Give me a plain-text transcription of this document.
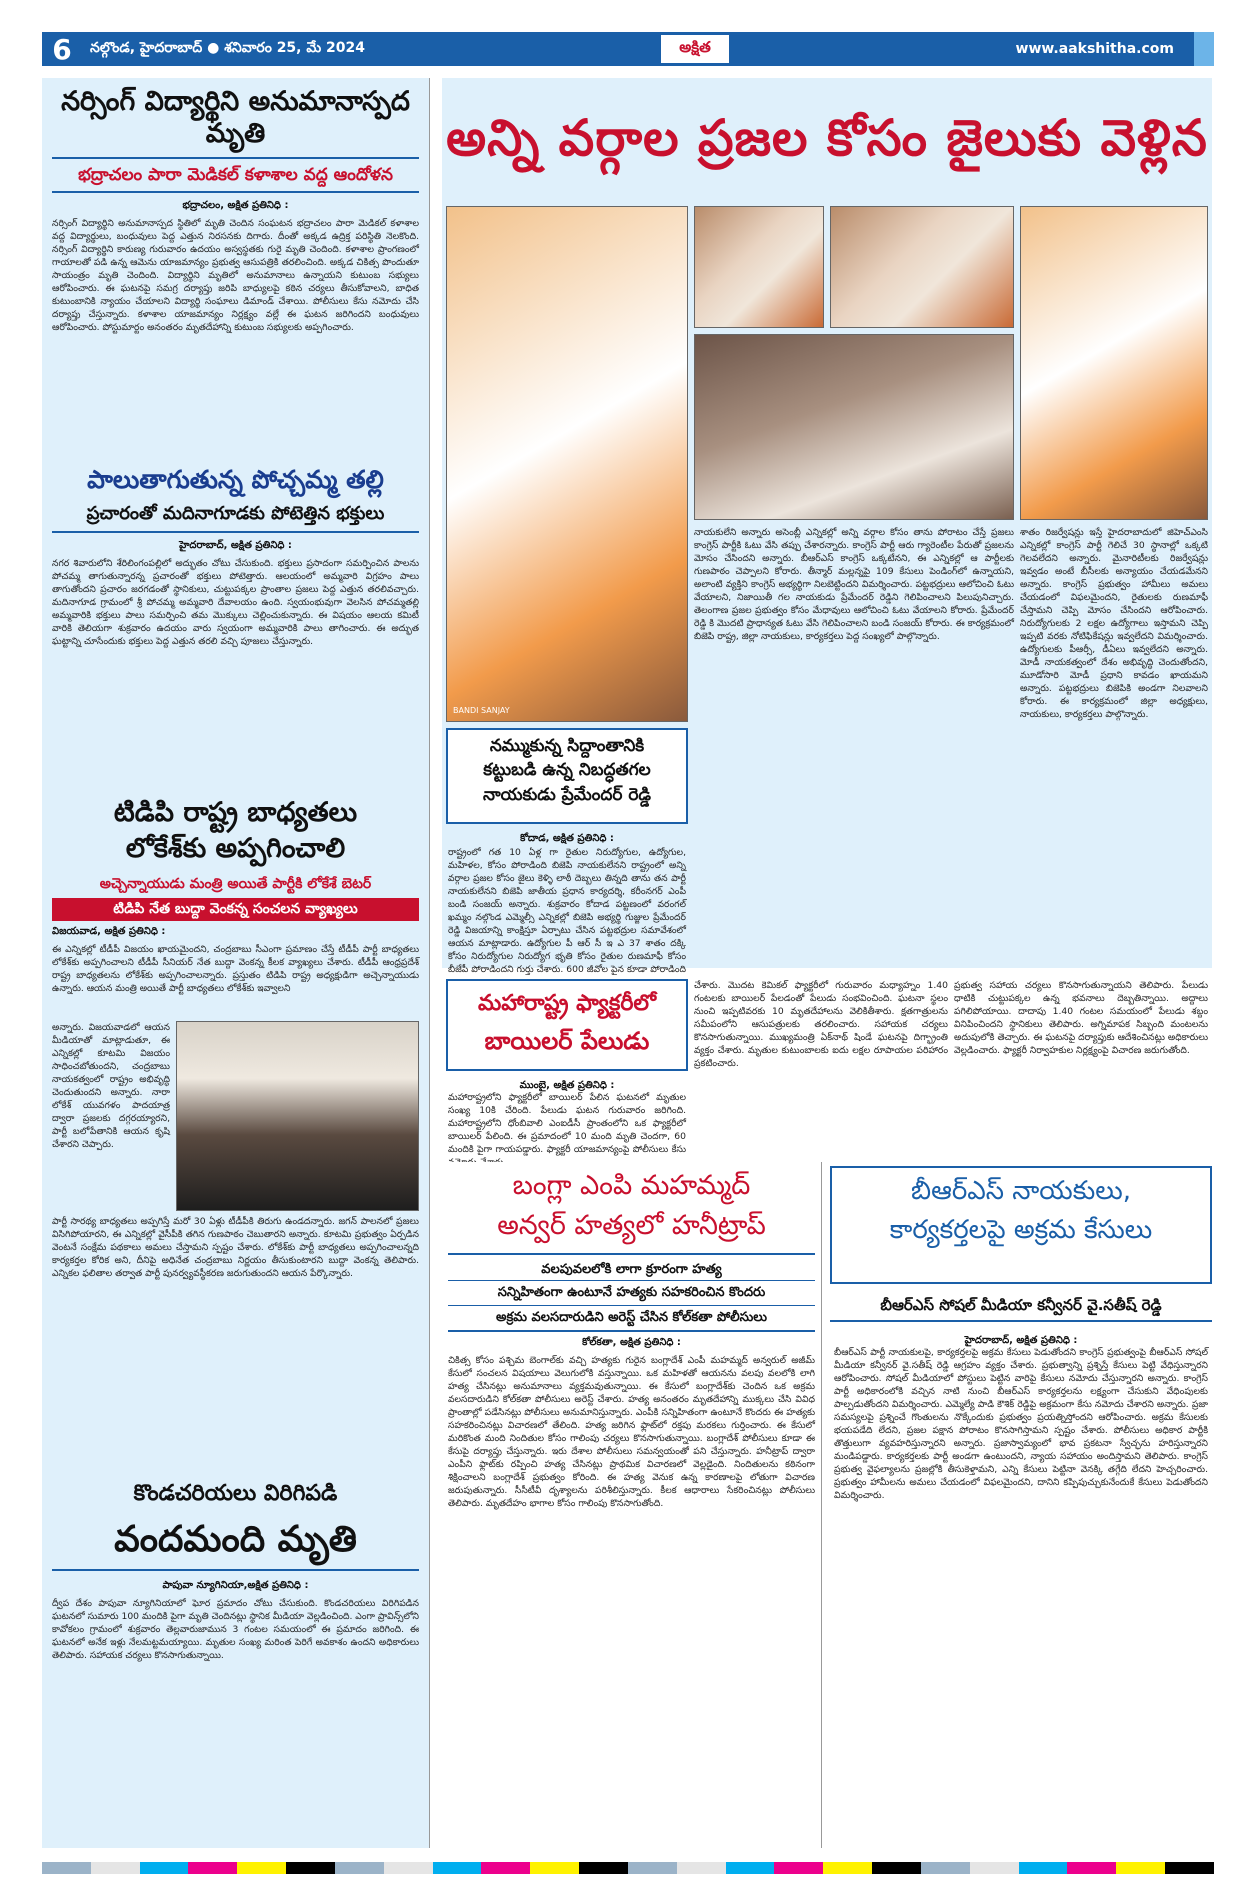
6	నల్గొండ, హైదరాబాద్ ● శనివారం 25, మే 2024	అక్షిత	www.aakshitha.com
నర్సింగ్ విద్యార్థిని అనుమానాస్పద మృతి
భద్రాచలం పారా మెడికల్ కళాశాల వద్ద ఆందోళన
భద్రాచలం, అక్షిత ప్రతినిధి :
నర్సింగ్ విద్యార్థిని అనుమానాస్పద స్థితిలో మృతి చెందిన సంఘటన భద్రాచలం పారా మెడికల్ కళాశాల వద్ద విద్యార్థులు, బంధువులు పెద్ద ఎత్తున నిరసనకు దిగారు. దీంతో అక్కడ ఉద్రిక్త పరిస్థితి నెలకొంది. నర్సింగ్ విద్యార్థిని కారుణ్య గురువారం ఉదయం అస్వస్థతకు గురై మృతి చెందింది. కళాశాల ప్రాంగణంలో గాయాలతో పడి ఉన్న ఆమెను యాజమాన్యం ప్రభుత్వ ఆసుపత్రికి తరలించింది. అక్కడ చికిత్స పొందుతూ సాయంత్రం మృతి చెందింది. విద్యార్థిని మృతిలో అనుమానాలు ఉన్నాయని కుటుంబ సభ్యులు ఆరోపించారు. ఈ ఘటనపై సమగ్ర దర్యాప్తు జరిపి బాధ్యులపై కఠిన చర్యలు తీసుకోవాలని, బాధిత కుటుంబానికి న్యాయం చేయాలని విద్యార్థి సంఘాలు డిమాండ్ చేశాయి. పోలీసులు కేసు నమోదు చేసి దర్యాప్తు చేస్తున్నారు. కళాశాల యాజమాన్యం నిర్లక్ష్యం వల్లే ఈ ఘటన జరిగిందని బంధువులు ఆరోపించారు. పోస్టుమార్టం అనంతరం మృతదేహాన్ని కుటుంబ సభ్యులకు అప్పగించారు.
పాలుతాగుతున్న పోచ్చమ్మ తల్లి
ప్రచారంతో మదినాగూడకు పోటెత్తిన భక్తులు
హైదరాబాద్, అక్షిత ప్రతినిధి :
నగర శివారులోని శేరిలింగంపల్లిలో అద్భుతం చోటు చేసుకుంది. భక్తులు ప్రసాదంగా సమర్పించిన పాలను పోచమ్మ తాగుతున్నారన్న ప్రచారంతో భక్తులు పోటెత్తారు. ఆలయంలో అమ్మవారి విగ్రహం పాలు తాగుతోందని ప్రచారం జరగడంతో స్థానికులు, చుట్టుపక్కల ప్రాంతాల ప్రజలు పెద్ద ఎత్తున తరలివచ్చారు. మదినాగూడ గ్రామంలో శ్రీ పోచమ్మ అమ్మవారి దేవాలయం ఉంది. స్వయంభువుగా వెలసిన పోచమ్మతల్లి అమ్మవారికి భక్తులు పాలు సమర్పించి తమ మొక్కులు చెల్లించుకున్నారు. ఈ విషయం ఆలయ కమిటీ వారికి తెలియగా శుక్రవారం ఉదయం వారు స్వయంగా అమ్మవారికి పాలు తాగించారు. ఈ అద్భుత ఘట్టాన్ని చూసేందుకు భక్తులు పెద్ద ఎత్తున తరలి వచ్చి పూజలు చేస్తున్నారు.
టిడిపి రాష్ట్ర బాధ్యతలు
లోకేశ్‌కు అప్పగించాలి
అచ్చెన్నాయుడు మంత్రి అయితే పార్టీకి లోకేశే బెటర్
టిడిపి నేత బుద్దా వెంకన్న సంచలన వ్యాఖ్యలు
విజయవాడ, అక్షిత ప్రతినిధి :
ఈ ఎన్నికల్లో టీడీపీ విజయం ఖాయమైందని, చంద్రబాబు సీఎంగా ప్రమాణం చేస్తే టీడీపీ పార్టీ బాధ్యతలు లోకేశ్‌కు అప్పగించాలని టీడీపీ సీనియర్ నేత బుద్దా వెంకన్న కీలక వ్యాఖ్యలు చేశారు. టీడీపీ ఆంధ్రప్రదేశ్ రాష్ట్ర బాధ్యతలను లోకేశ్‌కు అప్పగించాలన్నారు. ప్రస్తుతం టిడిపి రాష్ట్ర అధ్యక్షుడిగా అచ్చెన్నాయుడు ఉన్నారు. ఆయన మంత్రి అయితే పార్టీ బాధ్యతలు లోకేశ్‌కు ఇవ్వాలని
అన్నారు. విజయవాడలో ఆయన మీడియాతో మాట్లాడుతూ, ఈ ఎన్నికల్లో కూటమి విజయం సాధించబోతుందని, చంద్రబాబు నాయకత్వంలో రాష్ట్రం అభివృద్ధి చెందుతుందని అన్నారు. నారా లోకేశ్ యువగళం పాదయాత్ర ద్వారా ప్రజలకు దగ్గరయ్యారని, పార్టీ బలోపేతానికి ఆయన కృషి చేశారని చెప్పారు.
పార్టీ సారథ్య బాధ్యతలు అప్పగిస్తే మరో 30 ఏళ్లు టీడీపీకి తిరుగు ఉండదన్నారు. జగన్ పాలనలో ప్రజలు విసిగిపోయారని, ఈ ఎన్నికల్లో వైసీపీకి తగిన గుణపాఠం చెబుతారని అన్నారు. కూటమి ప్రభుత్వం ఏర్పడిన వెంటనే సంక్షేమ పథకాలు అమలు చేస్తామని స్పష్టం చేశారు. లోకేశ్‌కు పార్టీ బాధ్యతలు అప్పగించాలన్నది కార్యకర్తల కోరిక అని, దీనిపై అధినేత చంద్రబాబు నిర్ణయం తీసుకుంటారని బుద్దా వెంకన్న తెలిపారు. ఎన్నికల ఫలితాల తర్వాత పార్టీ పునర్వ్యవస్థీకరణ జరుగుతుందని ఆయన పేర్కొన్నారు.
కొండచరియలు విరిగిపడి
వందమంది మృతి
పాపువా న్యూగినియా,అక్షిత ప్రతినిధి :
ద్వీప దేశం పాపువా న్యూగినియాలో ఘోర ప్రమాదం చోటు చేసుకుంది. కొండచరియలు విరిగిపడిన ఘటనలో సుమారు 100 మందికి పైగా మృతి చెందినట్లు స్థానిక మీడియా వెల్లడించింది. ఎంగా ప్రావిన్స్‌లోని కావోకలం గ్రామంలో శుక్రవారం తెల్లవారుజామున 3 గంటల సమయంలో ఈ ప్రమాదం జరిగింది. ఈ ఘటనలో అనేక ఇళ్లు నేలమట్టమయ్యాయి. మృతుల సంఖ్య మరింత పెరిగే అవకాశం ఉందని అధికారులు తెలిపారు. సహాయక చర్యలు కొనసాగుతున్నాయి.
అన్ని వర్గాల ప్రజల కోసం జైలుకు వెళ్లిన
BANDI SANJAY
నమ్ముకున్న సిద్దాంతానికి
కట్టుబడి ఉన్న నిబద్ధతగల
నాయకుడు ప్రేమేందర్ రెడ్డి
కోదాడ, అక్షిత ప్రతినిధి :
రాష్ట్రంలో గత 10 ఏళ్ల గా రైతుల నిరుద్యోగుల, ఉద్యోగుల, మహిళల, కోసం పోరాడింది బిజెపి నాయకులేనని రాష్ట్రంలో అన్ని వర్గాల ప్రజల కోసం జైలు కెళ్ళి లాఠీ దెబ్బలు తిన్నది తాను తన పార్టీ నాయకులేనని బిజెపి జాతీయ ప్రధాన కార్యదర్శి, కరీంనగర్ ఎంపీ బండి సంజయ్ అన్నారు. శుక్రవారం కోదాడ పట్టణంలో వరంగల్ ఖమ్మం నల్గొండ ఎమ్మెల్సీ ఎన్నికల్లో బిజెపి అభ్యర్థి గుజ్జుల ప్రేమేందర్ రెడ్డి విజయాన్ని కాంక్షిస్తూ ఏర్పాటు చేసిన పట్టభద్రుల సమావేశంలో ఆయన మాట్లాడారు. ఉద్యోగుల పీ ఆర్ సీ ఇ ఎ 37 శాతం దక్కి కోసం నిరుద్యోగుల నిరుద్యోగ భృతి కోసం రైతుల రుణమాఫీ కోసం బీజేపీ పోరాడిందని గుర్తు చేశారు. 600 జీవోల పైన కూడా పోరాడింది
నాయకులేని అన్నారు అసెంబ్లీ ఎన్నికల్లో అన్ని వర్గాల కోసం తాను పోరాటం చేస్తే ప్రజలు కాంగ్రెస్ పార్టీకి ఓటు వేసి తప్పు చేశారన్నారు. కాంగ్రెస్ పార్టీ ఆరు గ్యారెంటీల పేరుతో ప్రజలను మోసం చేసిందని అన్నారు. బీఆర్ఎస్ కాంగ్రెస్ ఒక్కటేనని, ఈ ఎన్నికల్లో ఆ పార్టీలకు గుణపాఠం చెప్పాలని కోరారు. తీన్మార్ మల్లన్నపై 109 కేసులు పెండింగ్‌లో ఉన్నాయని, అలాంటి వ్యక్తిని కాంగ్రెస్ అభ్యర్థిగా నిలబెట్టిందని విమర్శించారు. పట్టభద్రులు ఆలోచించి ఓటు వేయాలని, నిజాయితీ గల నాయకుడు ప్రేమేందర్ రెడ్డిని గెలిపించాలని పిలుపునిచ్చారు. తెలంగాణ ప్రజల ప్రభుత్వం కోసం మేధావులు ఆలోచించి ఓటు వేయాలని కోరారు. ప్రేమేందర్ రెడ్డి కి మొదటి ప్రాధాన్యత ఓటు వేసి గెలిపించాలని బండి సంజయ్ కోరారు. ఈ కార్యక్రమంలో బిజెపి రాష్ట్ర, జిల్లా నాయకులు, కార్యకర్తలు పెద్ద సంఖ్యలో పాల్గొన్నారు.
శాతం రిజర్వేషన్లు ఇస్తే హైదరాబాదులో జిహెచ్ఎంసి ఎన్నికల్లో కాంగ్రెస్ పార్టీ గెలిచే 30 స్థానాల్లో ఒక్కటి గెలవలేదని అన్నారు. మైనారిటీలకు రిజర్వేషన్లు ఇవ్వడం అంటే బీసీలకు అన్యాయం చేయడమేనని అన్నారు. కాంగ్రెస్ ప్రభుత్వం హామీలు అమలు చేయడంలో విఫలమైందని, రైతులకు రుణమాఫీ చేస్తామని చెప్పి మోసం చేసిందని ఆరోపించారు. నిరుద్యోగులకు 2 లక్షల ఉద్యోగాలు ఇస్తామని చెప్పి ఇప్పటి వరకు నోటిఫికేషన్లు ఇవ్వలేదని విమర్శించారు. ఉద్యోగులకు పీఆర్సీ, డీఏలు ఇవ్వలేదని అన్నారు. మోడీ నాయకత్వంలో దేశం అభివృద్ధి చెందుతోందని, మూడోసారి మోడీ ప్రధాని కావడం ఖాయమని అన్నారు. పట్టభద్రులు బిజెపికి అండగా నిలవాలని కోరారు. ఈ కార్యక్రమంలో జిల్లా అధ్యక్షులు, నాయకులు, కార్యకర్తలు పాల్గొన్నారు.
మహారాష్ట్ర ఫ్యాక్టరీలో
బాయిలర్ పేలుడు
ముంబై, అక్షిత ప్రతినిధి :
మహారాష్ట్రలోని ఫ్యాక్టరీలో బాయిలర్ పేలిన ఘటనలో మృతుల సంఖ్య 10కి చేరింది. పేలుడు ఘటన గురువారం జరిగింది. మహారాష్ట్రలోని ధోంబివాలి ఎంఐడీసీ ప్రాంతంలోని ఒక ఫ్యాక్టరీలో బాయిలర్ పేలింది. ఈ ప్రమాదంలో 10 మంది మృతి చెందగా, 60 మందికి పైగా గాయపడ్డారు. ఫ్యాక్టరీ యాజమాన్యంపై పోలీసులు కేసు
చేశారు. మొదట కెమికల్ ఫ్యాక్టరీలో గురువారం మధ్యాహ్నం 1.40 గంటలకు బాయిలర్ పేలడంతో పేలుడు సంభవించింది. ఘటనా స్థలం నుంచి ఇప్పటివరకు 10 మృతదేహాలను వెలికితీశారు. క్షతగాత్రులను సమీపంలోని ఆసుపత్రులకు తరలించారు. సహాయక చర్యలు కొనసాగుతున్నాయి. ముఖ్యమంత్రి ఏక్‌నాథ్ షిండే ఘటనపై దిగ్భ్రాంతి వ్యక్తం చేశారు. మృతుల కుటుంబాలకు ఐదు లక్షల రూపాయల పరిహారం ప్రకటించారు.
ప్రభుత్వ సహాయ చర్యలు కొనసాగుతున్నాయని తెలిపారు. పేలుడు ధాటికి చుట్టుపక్కల ఉన్న భవనాలు దెబ్బతిన్నాయి. అద్దాలు పగిలిపోయాయి. దాదాపు 1.40 గంటల సమయంలో పేలుడు శబ్దం వినిపించిందని స్థానికులు తెలిపారు. అగ్నిమాపక సిబ్బంది మంటలను అదుపులోకి తెచ్చారు. ఈ ఘటనపై దర్యాప్తుకు ఆదేశించినట్లు అధికారులు వెల్లడించారు. ఫ్యాక్టరీ నిర్వాహకుల నిర్లక్ష్యంపై విచారణ జరుగుతోంది.
బంగ్లా ఎంపి మహమ్మద్
అన్వర్ హత్యలో హనీట్రాప్
వలపువలలోకి లాగా క్రూరంగా హత్య
సన్నిహితంగా ఉంటూనే హత్యకు సహకరించిన కొందరు
అక్రమ వలసదారుడిని అరెస్ట్ చేసిన కోల్‌కతా పోలీసులు
కోల్‌కతా, అక్షిత ప్రతినిధి :
చికిత్స కోసం పశ్చిమ బెంగాల్‌కు వచ్చి హత్యకు గురైన బంగ్లాదేశ్ ఎంపీ మహమ్మద్ అన్వరుల్ అజీమ్ కేసులో సంచలన విషయాలు వెలుగులోకి వస్తున్నాయి. ఒక మహిళతో ఆయనను వలపు వలలోకి లాగి హత్య చేసినట్లు అనుమానాలు వ్యక్తమవుతున్నాయి. ఈ కేసులో బంగ్లాదేశ్‌కు చెందిన ఒక అక్రమ వలసదారుడిని కోల్‌కతా పోలీసులు అరెస్ట్ చేశారు. హత్య అనంతరం మృతదేహాన్ని ముక్కలు చేసి వివిధ ప్రాంతాల్లో పడేసినట్లు పోలీసులు అనుమానిస్తున్నారు. ఎంపీకి సన్నిహితంగా ఉంటూనే కొందరు ఈ హత్యకు సహకరించినట్లు విచారణలో తేలింది. హత్య జరిగిన ఫ్లాట్‌లో రక్తపు మరకలు గుర్తించారు. ఈ కేసులో మరికొంత మంది నిందితుల కోసం గాలింపు చర్యలు కొనసాగుతున్నాయి. బంగ్లాదేశ్ పోలీసులు కూడా ఈ కేసుపై దర్యాప్తు చేస్తున్నారు. ఇరు దేశాల పోలీసులు సమన్వయంతో పని చేస్తున్నారు. హనీట్రాప్ ద్వారా ఎంపీని ఫ్లాట్‌కు రప్పించి హత్య చేసినట్లు ప్రాథమిక విచారణలో వెల్లడైంది. నిందితులను కఠినంగా శిక్షించాలని బంగ్లాదేశ్ ప్రభుత్వం కోరింది. ఈ హత్య వెనుక ఉన్న కారణాలపై లోతుగా విచారణ జరుపుతున్నారు. సీసీటీవీ దృశ్యాలను పరిశీలిస్తున్నారు. కీలక ఆధారాలు సేకరించినట్లు పోలీసులు తెలిపారు. మృతదేహం భాగాల కోసం గాలింపు కొనసాగుతోంది.
బీఆర్ఎస్ నాయకులు,
కార్యకర్తలపై అక్రమ కేసులు
బీఆర్ఎస్ సోషల్ మీడియా కన్వీనర్ వై.సతీష్ రెడ్డి
హైదరాబాద్, అక్షిత ప్రతినిధి :
బీఆర్ఎస్ పార్టీ నాయకులపై, కార్యకర్తలపై అక్రమ కేసులు పెడుతోందని కాంగ్రెస్ ప్రభుత్వంపై బీఆర్ఎస్ సోషల్ మీడియా కన్వీనర్ వై.సతీష్ రెడ్డి ఆగ్రహం వ్యక్తం చేశారు. ప్రభుత్వాన్ని ప్రశ్నిస్తే కేసులు పెట్టి వేధిస్తున్నారని ఆరోపించారు. సోషల్ మీడియాలో పోస్టులు పెట్టిన వారిపై కేసులు నమోదు చేస్తున్నారని అన్నారు. కాంగ్రెస్ పార్టీ అధికారంలోకి వచ్చిన నాటి నుంచి బీఆర్ఎస్ కార్యకర్తలను లక్ష్యంగా చేసుకుని వేధింపులకు పాల్పడుతోందని విమర్శించారు. ఎమ్మెల్యే పాడి కౌశిక్ రెడ్డిపై అక్రమంగా కేసు నమోదు చేశారని అన్నారు. ప్రజా సమస్యలపై ప్రశ్నించే గొంతులను నొక్కేందుకు ప్రభుత్వం ప్రయత్నిస్తోందని ఆరోపించారు. అక్రమ కేసులకు భయపడేది లేదని, ప్రజల పక్షాన పోరాటం కొనసాగిస్తామని స్పష్టం చేశారు. పోలీసులు అధికార పార్టీకి తొత్తులుగా వ్యవహరిస్తున్నారని అన్నారు. ప్రజాస్వామ్యంలో భావ ప్రకటనా స్వేచ్ఛను హరిస్తున్నారని మండిపడ్డారు. కార్యకర్తలకు పార్టీ అండగా ఉంటుందని, న్యాయ సహాయం అందిస్తామని తెలిపారు. కాంగ్రెస్ ప్రభుత్వ వైఫల్యాలను ప్రజల్లోకి తీసుకెళ్తామని, ఎన్ని కేసులు పెట్టినా వెనక్కి తగ్గేది లేదని హెచ్చరించారు. ప్రభుత్వం హామీలను అమలు చేయడంలో విఫలమైందని, దానిని కప్పిపుచ్చుకునేందుకే కేసులు పెడుతోందని విమర్శించారు.
